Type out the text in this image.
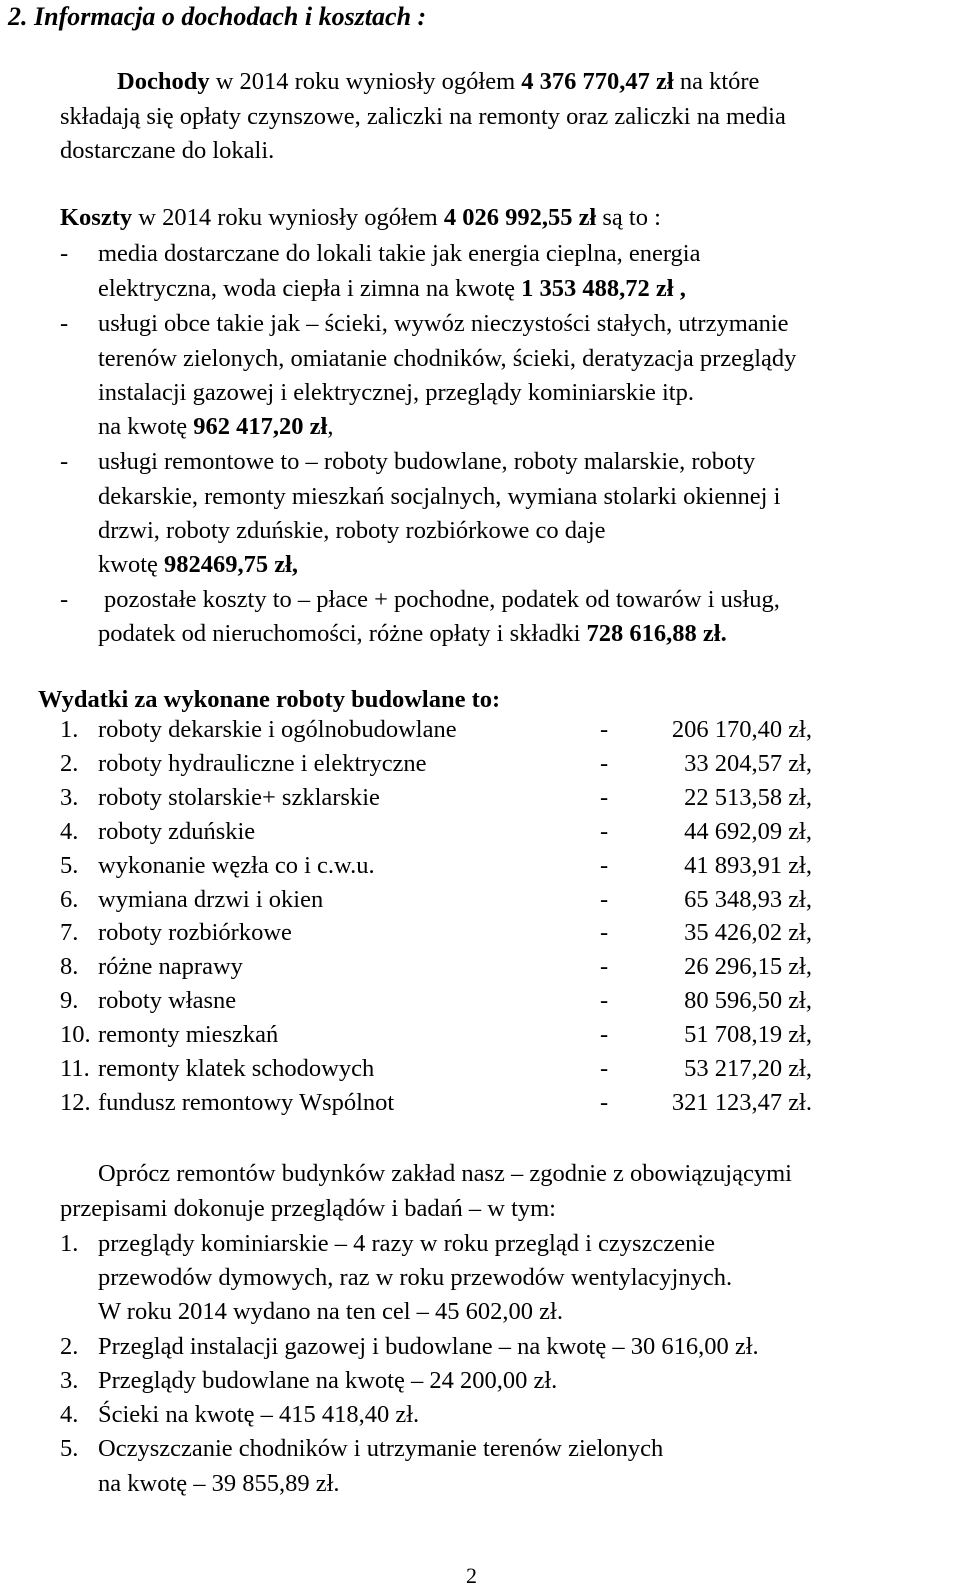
2. Informacja o dochodach i kosztach :
Dochody w 2014 roku wyniosły ogółem 4 376 770,47 zł na które
składają się opłaty czynszowe, zaliczki na remonty oraz zaliczki na media
dostarczane do lokali.
Koszty w 2014 roku wyniosły ogółem 4 026 992,55 zł są to :
- media dostarczane do lokali takie jak energia cieplna, energia
elektryczna, woda ciepła i zimna na kwotę 1 353 488,72 zł ,
- usługi obce takie jak – ścieki, wywóz nieczystości stałych, utrzymanie
terenów zielonych, omiatanie chodników, ścieki, deratyzacja przeglądy
instalacji gazowej i elektrycznej, przeglądy kominiarskie itp.
na kwotę 962 417,20 zł,
- usługi remontowe to – roboty budowlane, roboty malarskie, roboty
dekarskie, remonty mieszkań socjalnych, wymiana stolarki okiennej i
drzwi, roboty zduńskie, roboty rozbiórkowe co daje
kwotę 982469,75 zł,
- pozostałe koszty to – płace + pochodne, podatek od towarów i usług,
podatek od nieruchomości, różne opłaty i składki 728 616,88 zł.
Wydatki za wykonane roboty budowlane to:
1. roboty dekarskie i ogólnobudowlane	-	206 170,40 zł,
2. roboty hydrauliczne i elektryczne	-	33 204,57 zł,
3. roboty stolarskie+ szklarskie	-	22 513,58 zł,
4. roboty zduńskie	-	44 692,09 zł,
5. wykonanie węzła co i c.w.u.	-	41 893,91 zł,
6. wymiana drzwi i okien	-	65 348,93 zł,
7. roboty rozbiórkowe	-	35 426,02 zł,
8. różne naprawy	-	26 296,15 zł,
9. roboty własne	-	80 596,50 zł,
10. remonty mieszkań	-	51 708,19 zł,
11. remonty klatek schodowych	-	53 217,20 zł,
12. fundusz remontowy Wspólnot	-	321 123,47 zł.
Oprócz remontów budynków zakład nasz – zgodnie z obowiązującymi
przepisami dokonuje przeglądów i badań – w tym:
1. przeglądy kominiarskie – 4 razy w roku przegląd i czyszczenie
przewodów dymowych, raz w roku przewodów wentylacyjnych.
W roku 2014 wydano na ten cel – 45 602,00 zł.
2. Przegląd instalacji gazowej i budowlane – na kwotę – 30 616,00 zł.
3. Przeglądy budowlane na kwotę – 24 200,00 zł.
4. Ścieki na kwotę – 415 418,40 zł.
5. Oczyszczanie chodników i utrzymanie terenów zielonych
na kwotę – 39 855,89 zł.
2
